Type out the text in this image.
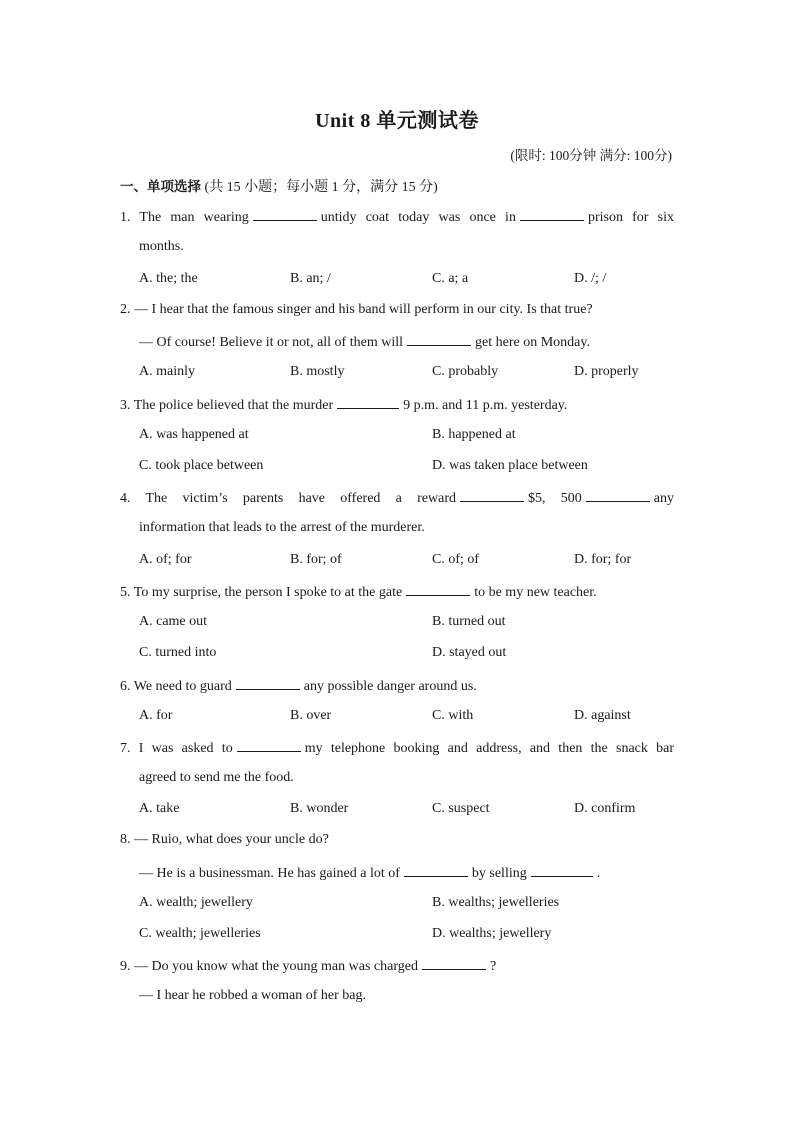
Unit 8 单元测试卷
(限时: 100分钟 满分: 100分)
一、单项选择 (共 15 小题；每小题 1 分，满分 15 分)
1. The man wearing	untidy coat today was once in	prison for six
months.
A. the; the	B. an; /	C. a; a	D. /; /
2. — I hear that the famous singer and his band will perform in our city. Is that true?
— Of course! Believe it or not, all of them will	get here on Monday.
A. mainly	B. mostly	C. probably	D. properly
3. The police believed that the murder	9 p.m. and 11 p.m. yesterday.
A. was happened at	B. happened at
C. took place between	D. was taken place between
4. The victim’s parents have offered a reward	$5, 500	any
information that leads to the arrest of the murderer.
A. of; for	B. for; of	C. of; of	D. for; for
5. To my surprise, the person I spoke to at the gate	to be my new teacher.
A. came out	B. turned out
C. turned into	D. stayed out
6. We need to guard	any possible danger around us.
A. for	B. over	C. with	D. against
7. I was asked to	my telephone booking and address, and then the snack bar
agreed to send me the food.
A. take	B. wonder	C. suspect	D. confirm
8. — Ruio, what does your uncle do?
— He is a businessman. He has gained a lot of	by selling	.
A. wealth; jewellery	B. wealths; jewelleries
C. wealth; jewelleries	D. wealths; jewellery
9. — Do you know what the young man was charged	?
— I hear he robbed a woman of her bag.
